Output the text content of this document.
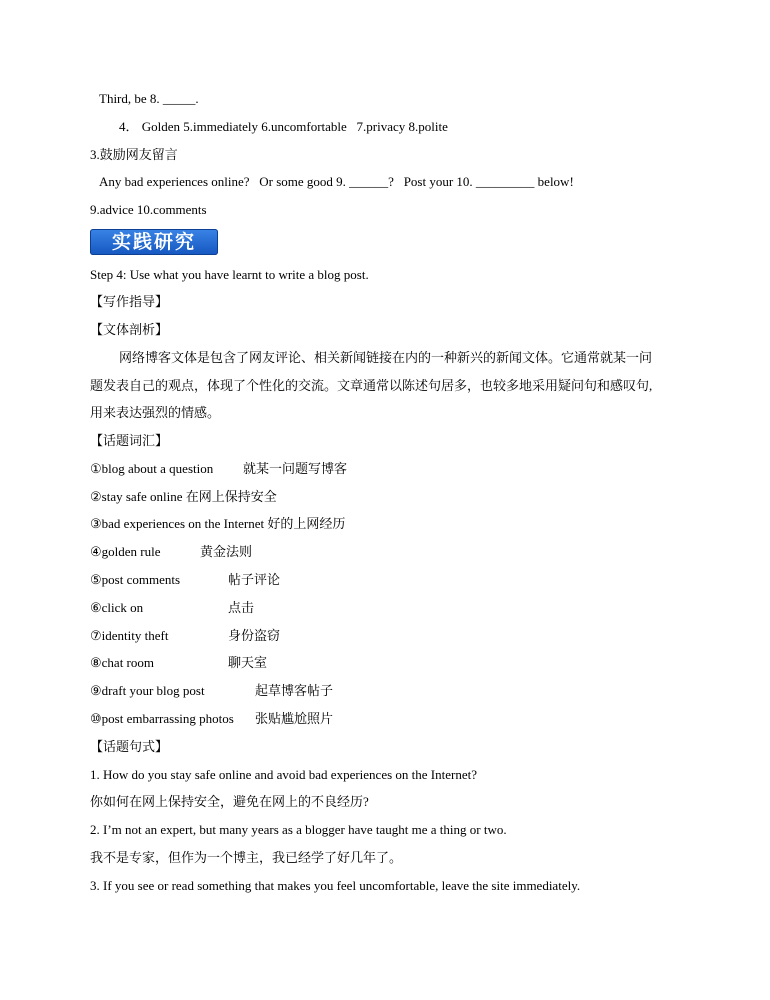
Third, be 8. _____.
4． Golden 5.immediately 6.uncomfortable   7.privacy 8.polite
3.鼓励网友留言
Any bad experiences online?   Or some good 9. ______?   Post your 10. _________ below!
9.advice 10.comments
实践研究
Step 4: Use what you have learnt to write a blog post.
【写作指导】
【文体剖析】
网络博客文体是包含了网友评论、相关新闻链接在内的一种新兴的新闻文体。它通常就某一问
题发表自己的观点，体现了个性化的交流。文章通常以陈述句居多，也较多地采用疑问句和感叹句,
用来表达强烈的情感。
【话题词汇】
①blog about a question 就某一问题写博客
②stay safe online 在网上保持安全
③bad experiences on the Internet 好的上网经历
④golden rule	黄金法则
⑤post comments	帖子评论
⑥click on	点击
⑦identity theft	身份盗窃
⑧chat room	聊天室
⑨draft your blog post	起草博客帖子
⑩post embarrassing photos 张贴尴尬照片
【话题句式】
1. How do you stay safe online and avoid bad experiences on the Internet?
你如何在网上保持安全，避免在网上的不良经历?
2. I’m not an expert, but many years as a blogger have taught me a thing or two.
我不是专家，但作为一个博主，我已经学了好几年了。
3. If you see or read something that makes you feel uncomfortable, leave the site immediately.
